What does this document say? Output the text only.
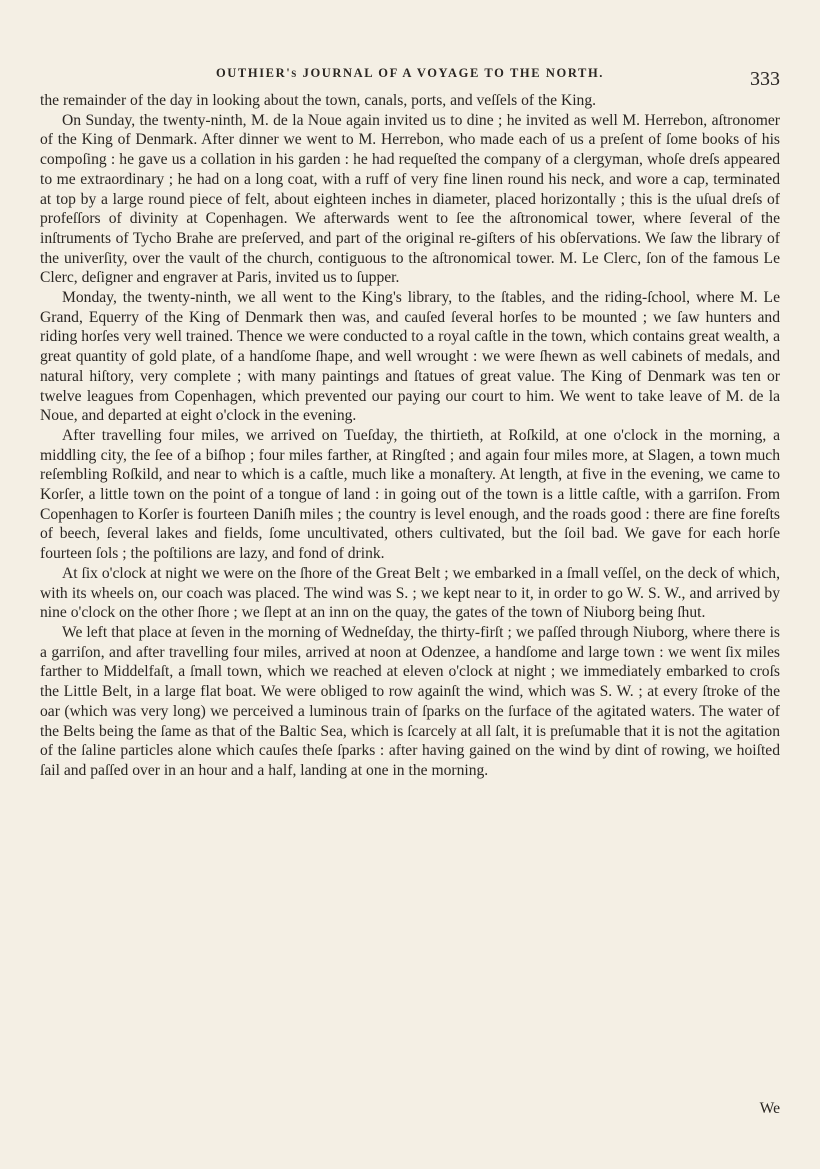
OUTHIER's JOURNAL OF A VOYAGE TO THE NORTH.	333

the remainder of the day in looking about the town, canals, ports, and veſſels of the King.

On Sunday, the twenty-ninth, M. de la Noue again invited us to dine ; he invited as well M. Herrebon, aſtronomer of the King of Denmark. After dinner we went to M. Herrebon, who made each of us a preſent of ſome books of his compoſing : he gave us a collation in his garden : he had requeſted the company of a clergyman, whoſe dreſs appeared to me extraordinary ; he had on a long coat, with a ruff of very fine linen round his neck, and wore a cap, terminated at top by a large round piece of felt, about eighteen inches in diameter, placed horizontally ; this is the uſual dreſs of profeſſors of divinity at Copenhagen. We afterwards went to ſee the aſtronomical tower, where ſeveral of the inſtruments of Tycho Brahe are preſerved, and part of the original re-giſters of his obſervations. We ſaw the library of the univerſity, over the vault of the church, contiguous to the aſtronomical tower. M. Le Clerc, ſon of the famous Le Clerc, deſigner and engraver at Paris, invited us to ſupper.

Monday, the twenty-ninth, we all went to the King's library, to the ſtables, and the riding-ſchool, where M. Le Grand, Equerry of the King of Denmark then was, and cauſed ſeveral horſes to be mounted ; we ſaw hunters and riding horſes very well trained. Thence we were conducted to a royal caſtle in the town, which contains great wealth, a great quantity of gold plate, of a handſome ſhape, and well wrought : we were ſhewn as well cabinets of medals, and natural hiſtory, very complete ; with many paintings and ſtatues of great value. The King of Denmark was ten or twelve leagues from Copenhagen, which prevented our paying our court to him. We went to take leave of M. de la Noue, and departed at eight o'clock in the evening.

After travelling four miles, we arrived on Tueſday, the thirtieth, at Roſkild, at one o'clock in the morning, a middling city, the ſee of a biſhop ; four miles farther, at Ringſted ; and again four miles more, at Slagen, a town much reſembling Roſkild, and near to which is a caſtle, much like a monaſtery. At length, at five in the evening, we came to Korſer, a little town on the point of a tongue of land : in going out of the town is a little caſtle, with a garriſon. From Copenhagen to Korſer is fourteen Daniſh miles ; the country is level enough, and the roads good : there are fine foreſts of beech, ſeveral lakes and fields, ſome uncultivated, others cultivated, but the ſoil bad. We gave for each horſe fourteen ſols ; the poſtilions are lazy, and fond of drink.

At ſix o'clock at night we were on the ſhore of the Great Belt ; we embarked in a ſmall veſſel, on the deck of which, with its wheels on, our coach was placed. The wind was S. ; we kept near to it, in order to go W. S. W., and arrived by nine o'clock on the other ſhore ; we ſlept at an inn on the quay, the gates of the town of Niuborg being ſhut.

We left that place at ſeven in the morning of Wedneſday, the thirty-firſt ; we paſſed through Niuborg, where there is a garriſon, and after travelling four miles, arrived at noon at Odenzee, a handſome and large town : we went ſix miles farther to Middelfaſt, a ſmall town, which we reached at eleven o'clock at night ; we immediately embarked to croſs the Little Belt, in a large flat boat. We were obliged to row againſt the wind, which was S. W. ; at every ſtroke of the oar (which was very long) we perceived a luminous train of ſparks on the ſurface of the agitated waters. The water of the Belts being the ſame as that of the Baltic Sea, which is ſcarcely at all ſalt, it is preſumable that it is not the agitation of the ſaline particles alone which cauſes theſe ſparks : after having gained on the wind by dint of rowing, we hoiſted ſail and paſſed over in an hour and a half, landing at one in the morning.

We
